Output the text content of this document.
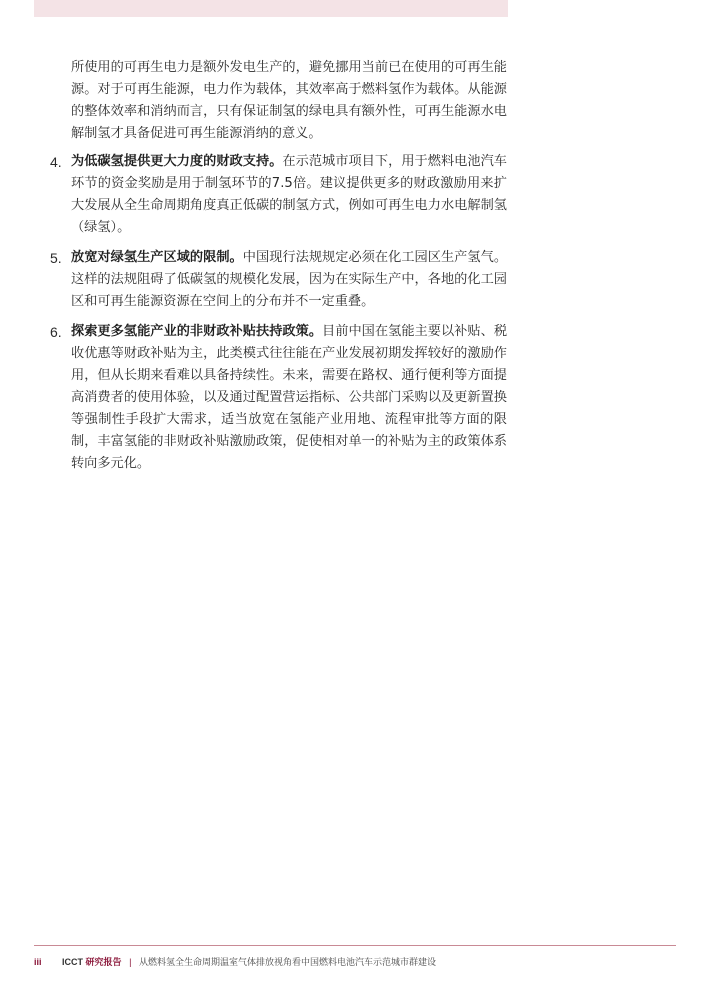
所使用的可再生电力是额外发电生产的，避免挪用当前已在使用的可再生能源。对于可再生能源，电力作为载体，其效率高于燃料氢作为载体。从能源的整体效率和消纳而言，只有保证制氢的绿电具有额外性，可再生能源水电解制氢才具备促进可再生能源消纳的意义。

4. 为低碳氢提供更大力度的财政支持。在示范城市项目下，用于燃料电池汽车环节的资金奖励是用于制氢环节的7.5倍。建议提供更多的财政激励用来扩大发展从全生命周期角度真正低碳的制氢方式，例如可再生电力水电解制氢（绿氢）。
5. 放宽对绿氢生产区域的限制。中国现行法规规定必须在化工园区生产氢气。这样的法规阻碍了低碳氢的规模化发展，因为在实际生产中，各地的化工园区和可再生能源资源在空间上的分布并不一定重叠。
6. 探索更多氢能产业的非财政补贴扶持政策。目前中国在氢能主要以补贴、税收优惠等财政补贴为主，此类模式往往能在产业发展初期发挥较好的激励作用，但从长期来看难以具备持续性。未来，需要在路权、通行便利等方面提高消费者的使用体验，以及通过配置营运指标、公共部门采购以及更新置换等强制性手段扩大需求，适当放宽在氢能产业用地、流程审批等方面的限制，丰富氢能的非财政补贴激励政策，促使相对单一的补贴为主的政策体系转向多元化。
iii ICCT 研究报告 | 从燃料氢全生命周期温室气体排放视角看中国燃料电池汽车示范城市群建设
